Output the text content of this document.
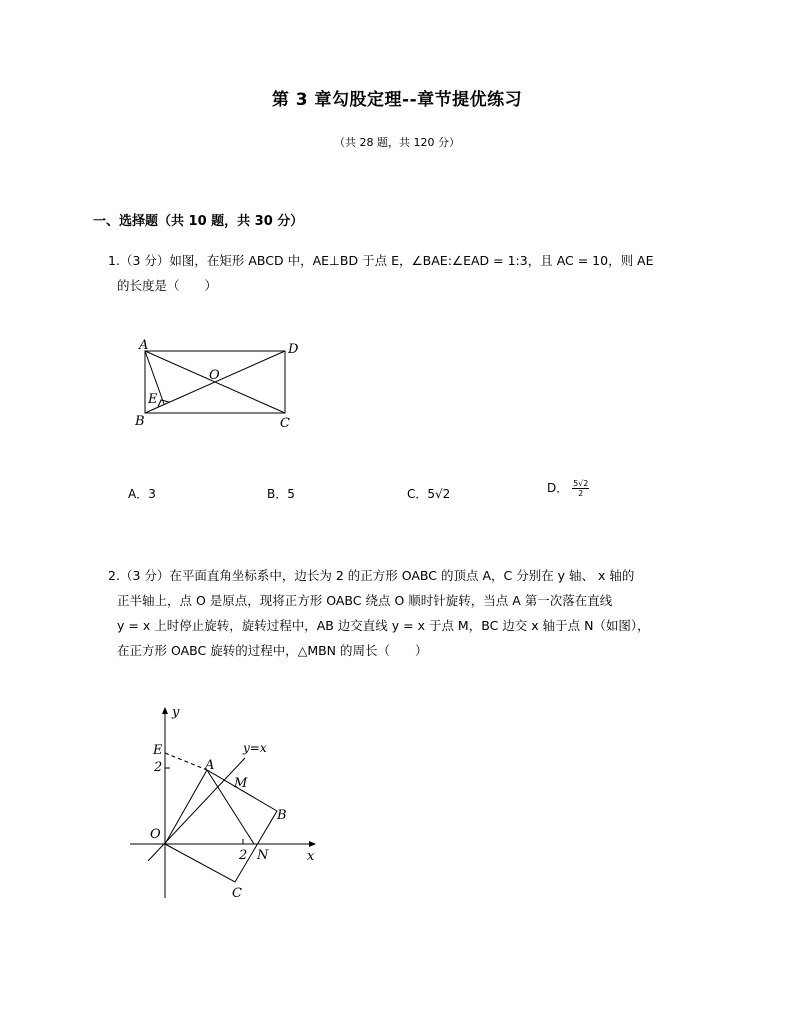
第 3 章勾股定理--章节提优练习
（共 28 题，共 120 分）
一、选择题（共 10 题，共 30 分）
1.（3 分）如图，在矩形 ABCD 中，AE⊥BD 于点 E，∠BAE:∠EAD = 1:3，且 AC = 10，则 AE
的长度是（　　）
A	D
B	C
O
E
A．3	B．5	C．5√2	D． $\frac{5√2}{2}$
2.（3 分）在平面直角坐标系中，边长为 2 的正方形 OABC 的顶点 A，C 分别在 y 轴、 x 轴的
正半轴上，点 O 是原点，现将正方形 OABC 绕点 O 顺时针旋转，当点 A 第一次落在直线
y = x 上时停止旋转，旋转过程中，AB 边交直线 y = x 于点 M，BC 边交 x 轴于点 N（如图），
在正方形 OABC 旋转的过程中，△MBN 的周长（　　）
y
x
y=x
E
2	A
M
B
O
2 N
C
